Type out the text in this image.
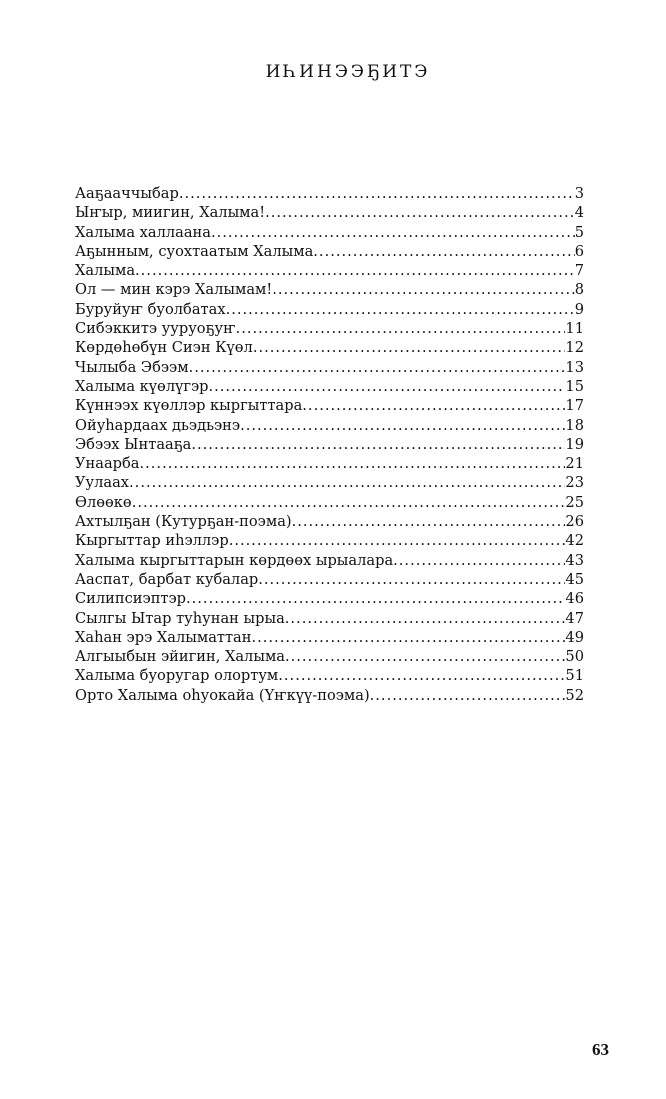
ИҺИНЭЭҔИТЭ
Ааҕааччыбар .....	3
Ыҥыр, миигин, Халыма! .....	4
Халыма халлаана .....	5
Аҕынным, суохтаатым Халыма .....	6
Халыма .....	7
Ол — мин кэрэ Халымам! .....	8
Буруйуҥ буолбатах .....	9
Сибэккитэ ууруоҕуҥ .....	11
Көрдөһөбүн Сиэн Күөл .....	12
Чылыба Эбээм .....	13
Халыма күөлүгэр .....	15
Күннээх күөллэр кыргыттара .....	17
Ойуһардаах дьэдьэнэ .....	18
Эбээх Ынтааҕа .....	19
Унаарба .....	21
Уулаах .....	23
Өлөөкө .....	25
Ахтылҕан (Кутурҕан-поэма) .....	26
Кыргыттар иһэллэр .....	42
Халыма кыргыттарын көрдөөх ырыалара .....	43
Ааспат, барбат кубалар .....	45
Силипсиэптэр .....	46
Сылгы Ытар туһунан ырыа .....	47
Хаһан эрэ Халыматтан .....	49
Алгыыбын эйигин, Халыма .....	50
Халыма буоругар олортум .....	51
Орто Халыма оһуокайа (Үҥкүү-поэма) .....	52
63
